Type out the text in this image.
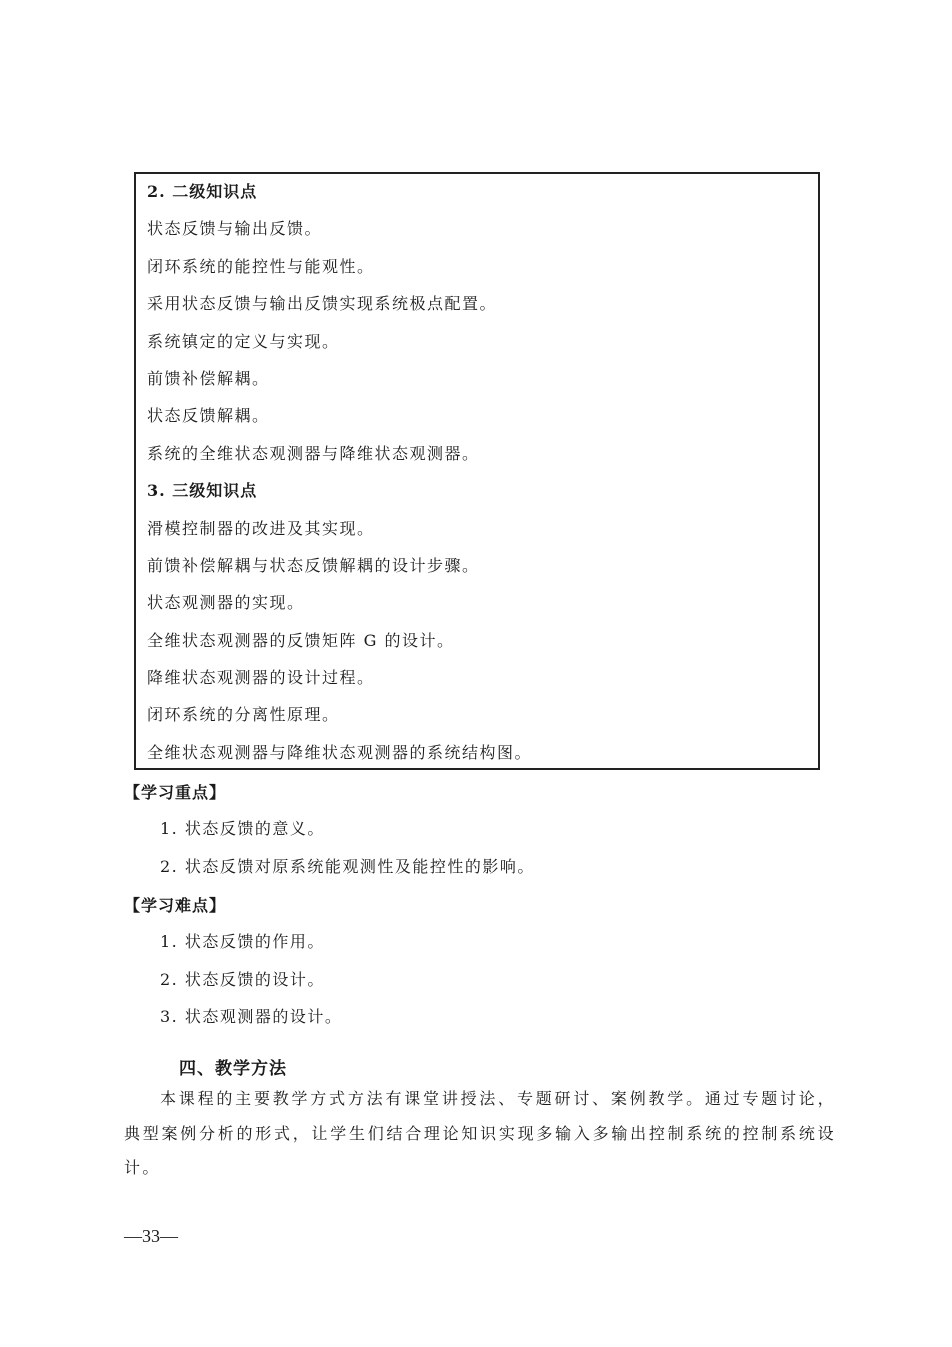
2. 二级知识点
状态反馈与输出反馈。
闭环系统的能控性与能观性。
采用状态反馈与输出反馈实现系统极点配置。
系统镇定的定义与实现。
前馈补偿解耦。
状态反馈解耦。
系统的全维状态观测器与降维状态观测器。
3. 三级知识点
滑模控制器的改进及其实现。
前馈补偿解耦与状态反馈解耦的设计步骤。
状态观测器的实现。
全维状态观测器的反馈矩阵 G 的设计。
降维状态观测器的设计过程。
闭环系统的分离性原理。
全维状态观测器与降维状态观测器的系统结构图。
【学习重点】
1. 状态反馈的意义。
2. 状态反馈对原系统能观测性及能控性的影响。
【学习难点】
1. 状态反馈的作用。
2. 状态反馈的设计。
3. 状态观测器的设计。
四、教学方法
本课程的主要教学方式方法有课堂讲授法、专题研讨、案例教学。通过专题讨论，典型案例分析的形式，让学生们结合理论知识实现多输入多输出控制系统的控制系统设计。
—33—
